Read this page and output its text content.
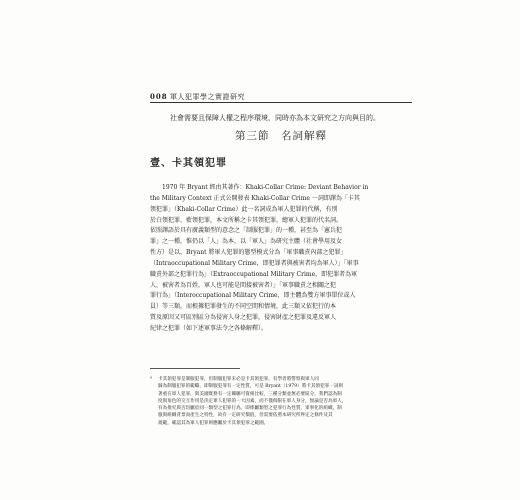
008 軍人犯罪學之實證研究
社會需要且保障人權之程序環境，同時亦為本文研究之方向與目的。
第三節　名詞解釋
壹、卡其領犯罪
1970 年 Bryant 經由其著作：Khaki-Collar Crime: Deviant Behavior in
the Military Context 正式公開發表 Khaki-Collar Crime 一詞即譯為「卡其
領犯罪」（Khaki-Collar Crime）此一名詞成為軍人犯罪的代稱，有別
於白領犯罪、藍領犯罪，本文所稱之卡其領犯罪，總軍人犯罪的代名詞。
依照譯語於具有廣義類型的意念之「制服犯罪」的一種，甚至為「憲兵犯
罪」之一種，惟仍以「人」為本，以「軍人」為研究主體（社會學用及女
性方）是以，Bryant 將軍人犯罪的態型模式分為「軍事職責內部之犯罪」
（Intraoccupational Military Crime，即犯罪者與被害者均為軍人）」「軍事
職責外部之犯罪行為」（Extraoccupational Military Crime，即犯罪者為軍
人，被害者為百姓，軍人也可能是間接被害者）」「軍事職責之相關之犯
罪行為」（Interoccupational Military Crime，即主體為雙方軍事單位或人
員）等三類，而根據犯罪發生的不同空間和情境，此三類又依犯行的本
質及原因又可區別區分為侵害人身之犯罪，侵害財產之犯罪及違反軍人
紀律之犯罪（如下述軍事法令之各條解釋）。
⁹ 卡其領犯罪是制服犯罪，但制服犯罪未必是卡其領犯罪。有學者將警察與軍人同
歸為制服犯罪的範疇，即制服犯罪有一定性質，可是 Bryant（1979）將卡其領犯罪一詞則
著重在軍人犯罪，與美國實務有一定關聯可資相比較，三種分類並無必要區分，我們認為制
度與角色的交互作用是決定軍人犯罪的一大因素，而不僅侷限在軍人身分，無論是否為軍人，
有為推究與否均屬於同一類型之犯罪行為，即係屬類型之犯罪行為性質，軍事化的組織、制
服與組織背景而產生之特性，故有一定研究價值，但需要依照本研究所界定之條件及其
規範，確認其為軍人犯罪則應屬於卡其領犯罪之範圍。
